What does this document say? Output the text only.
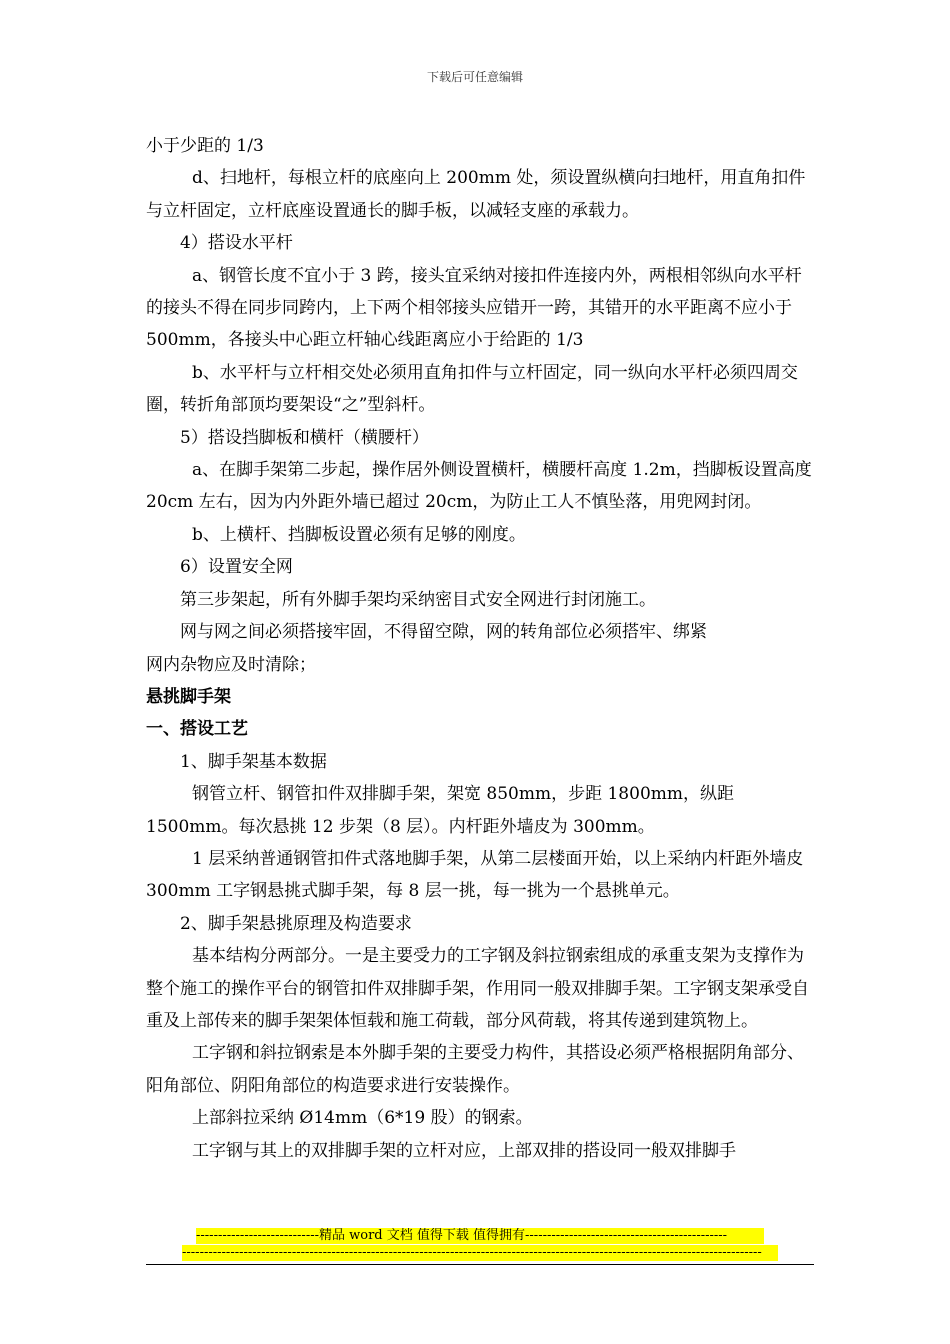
下载后可任意编辑

小于少距的 1/3

d、扫地杆，每根立杆的底座向上 200mm 处，须设置纵横向扫地杆，用直角扣件与立杆固定，立杆底座设置通长的脚手板，以减轻支座的承载力。

4）搭设水平杆

a、钢管长度不宜小于 3 跨，接头宜采纳对接扣件连接内外，两根相邻纵向水平杆的接头不得在同步同跨内，上下两个相邻接头应错开一跨，其错开的水平距离不应小于 500mm，各接头中心距立杆轴心线距离应小于给距的 1/3

b、水平杆与立杆相交处必须用直角扣件与立杆固定，同一纵向水平杆必须四周交圈，转折角部顶均要架设“之”型斜杆。

5）搭设挡脚板和横杆（横腰杆）

a、在脚手架第二步起，操作居外侧设置横杆，横腰杆高度 1.2m，挡脚板设置高度 20cm 左右，因为内外距外墙已超过 20cm，为防止工人不慎坠落，用兜网封闭。

b、上横杆、挡脚板设置必须有足够的刚度。

6）设置安全网

第三步架起，所有外脚手架均采纳密目式安全网进行封闭施工。

网与网之间必须搭接牢固，不得留空隙，网的转角部位必须搭牢、绑紧

网内杂物应及时清除；

悬挑脚手架

一、搭设工艺

1、脚手架基本数据

钢管立杆、钢管扣件双排脚手架，架宽 850mm，步距 1800mm，纵距 1500mm。每次悬挑 12 步架（8 层）。内杆距外墙皮为 300mm。

1 层采纳普通钢管扣件式落地脚手架，从第二层楼面开始，以上采纳内杆距外墙皮 300mm 工字钢悬挑式脚手架，每 8 层一挑，每一挑为一个悬挑单元。

2、脚手架悬挑原理及构造要求

基本结构分两部分。一是主要受力的工字钢及斜拉钢索组成的承重支架为支撑作为整个施工的操作平台的钢管扣件双排脚手架，作用同一般双排脚手架。工字钢支架承受自重及上部传来的脚手架架体恒载和施工荷载，部分风荷载，将其传递到建筑物上。

工字钢和斜拉钢索是本外脚手架的主要受力构件，其搭设必须严格根据阴角部分、阳角部位、阴阳角部位的构造要求进行安装操作。

上部斜拉采纳 Ø14mm（6*19 股）的钢索。

工字钢与其上的双排脚手架的立杆对应，上部双排的搭设同一般双排脚手

----------------------------精品 word 文档 值得下载 值得拥有----------------------------------------------
------------------------------------------------------------------------------------------------------------------------------------
